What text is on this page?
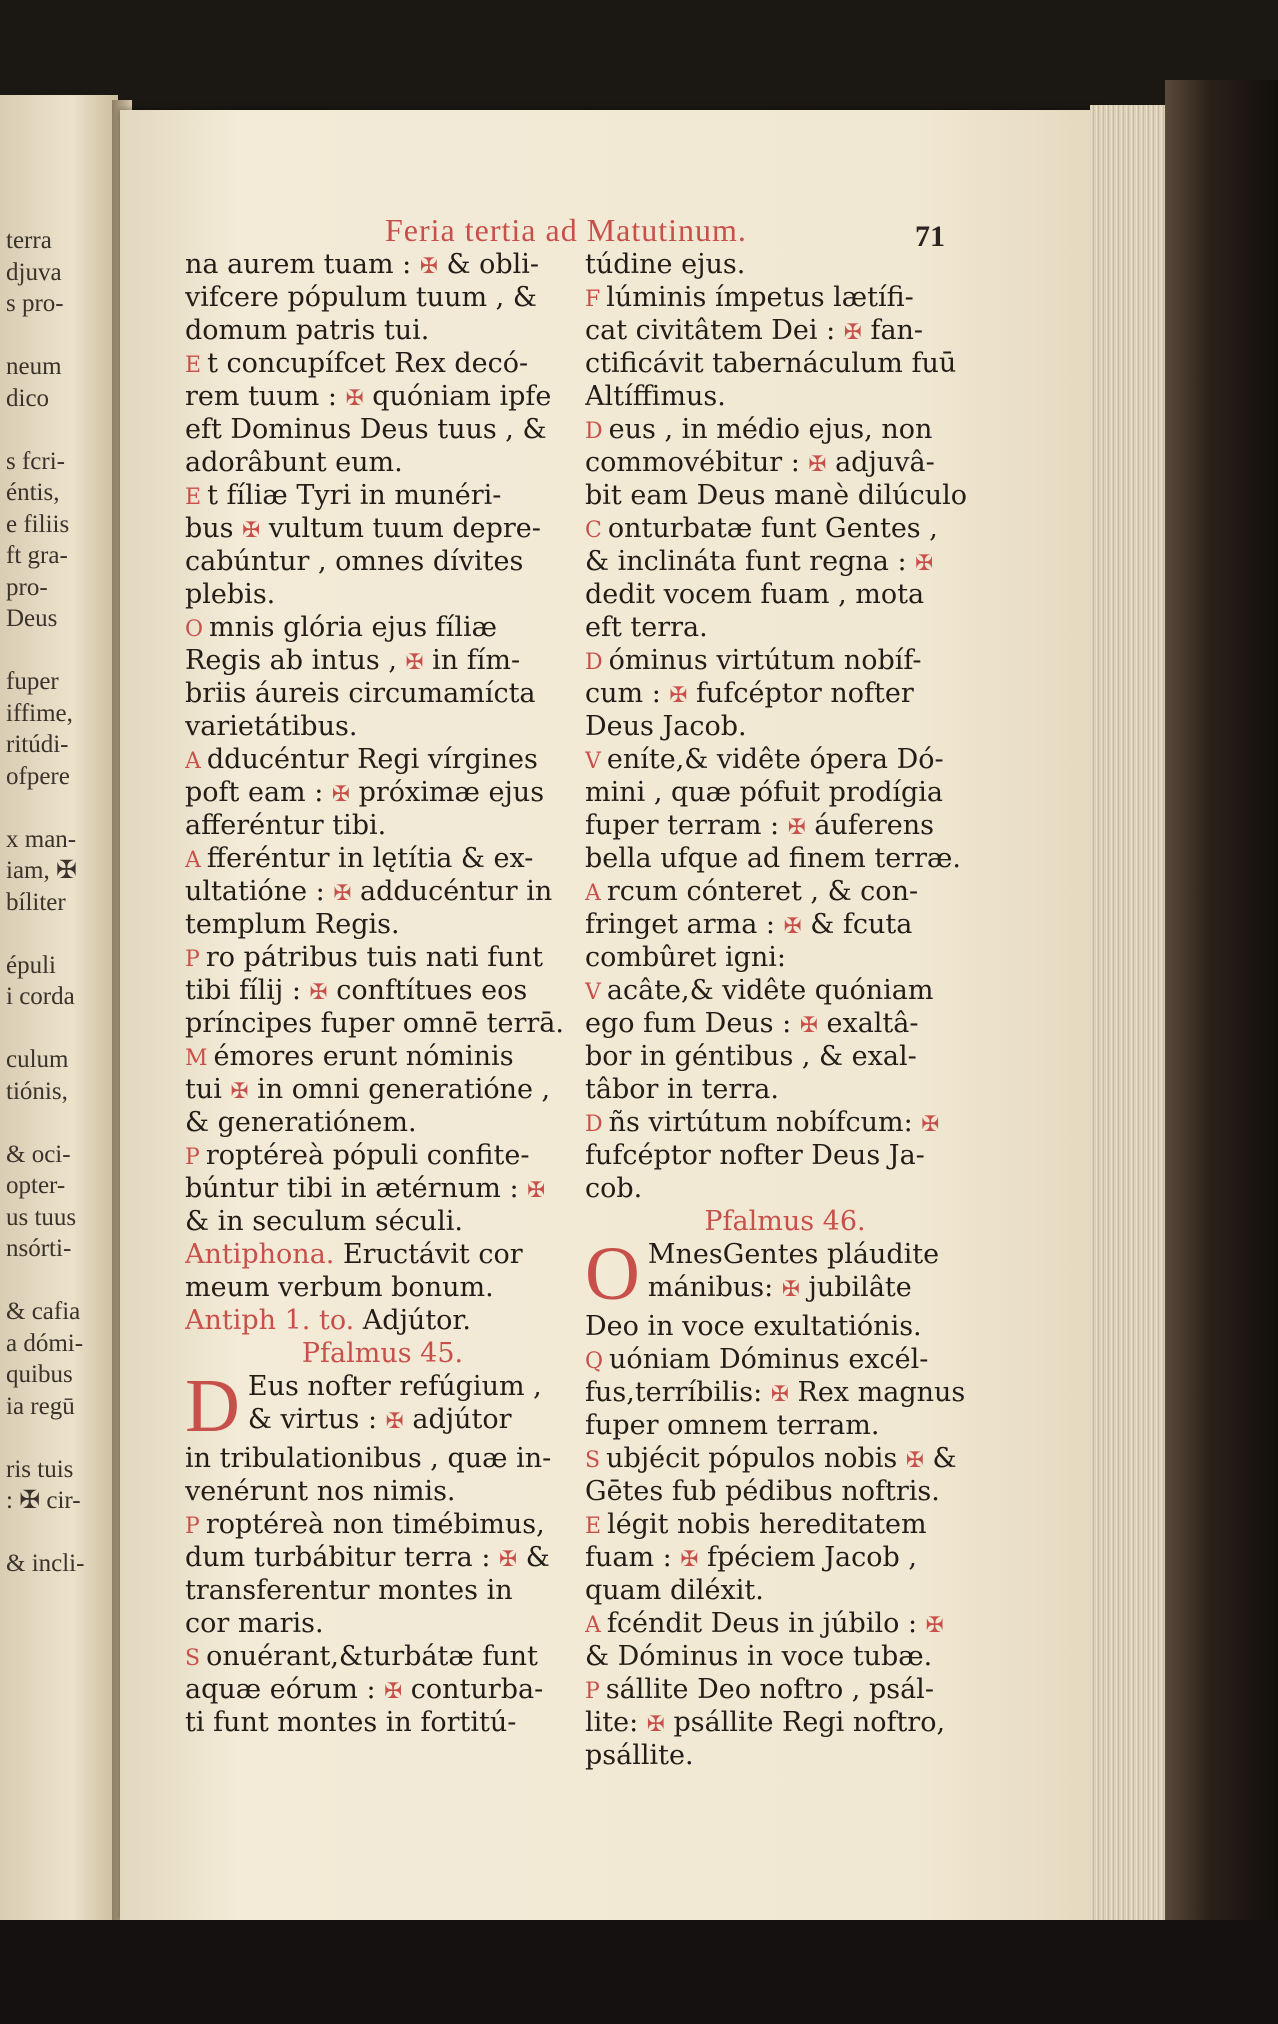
terra
djuva
s pro-
neum
dico
s fcri-
éntis,
e filiis
ft gra-
pro-
Deus
fuper
iffime,
ritúdi-
ofpere
x man-
iam, ✠
bíliter
épuli
i corda
culum
tiónis,
& oci-
opter-
us tuus
nsórti-
& cafia
a dómi-
quibus
ia regū
ris tuis
: ✠ cir-
& incli-
Feria tertia ad Matutinum.	71
na aurem tuam : ✠ & obli-
vifcere pópulum tuum , &
domum patris tui.
E t concupífcet Rex decó-
rem tuum : ✠ quóniam ipfe
eft Dominus Deus tuus , &
adorâbunt eum.
E t fíliæ Tyri in munéri-
bus ✠ vultum tuum depre-
cabúntur , omnes dívites
plebis.
O mnis glória ejus fíliæ
Regis ab intus , ✠ in fím-
briis áureis circumamícta
varietátibus.
A dducéntur Regi vírgines
poft eam : ✠ próximæ ejus
afferéntur tibi.
A fferéntur in lętítia & ex-
ultatióne : ✠ adducéntur in
templum Regis.
P ro pátribus tuis nati funt
tibi fílij : ✠ conftítues eos
príncipes fuper omnē terrā.
M émores erunt nóminis
tui ✠ in omni generatióne ,
& generatiónem.
P roptéreà pópuli confite-
búntur tibi in ætérnum : ✠
& in seculum séculi.
Antiphona. Eructávit cor
meum verbum bonum.
Antiph 1. to. Adjútor.
Pfalmus 45.
D Eus nofter refúgium ,
& virtus : ✠ adjútor
in tribulationibus , quæ in-
venérunt nos nimis.
P roptéreà non timébimus,
dum turbábitur terra : ✠ &
transferentur montes in
cor maris.
S onuérant,&turbátæ funt
aquæ eórum : ✠ conturba-
ti funt montes in fortitú-
túdine ejus.
F lúminis ímpetus lætífi-
cat civitâtem Dei : ✠ fan-
ctificávit tabernáculum fuū
Altíffimus.
D eus , in médio ejus, non
commovébitur : ✠ adjuvâ-
bit eam Deus manè dilúculo
C onturbatæ funt Gentes ,
& inclináta funt regna : ✠
dedit vocem fuam , mota
eft terra.
D óminus virtútum nobíf-
cum : ✠ fufcéptor nofter
Deus Jacob.
V eníte,& vidête ópera Dó-
mini , quæ pófuit prodígia
fuper terram : ✠ áuferens
bella ufque ad finem terræ.
A rcum cónteret , & con-
fringet arma : ✠ & fcuta
combûret igni:
V acâte,& vidête quóniam
ego fum Deus : ✠ exaltâ-
bor in géntibus , & exal-
tâbor in terra.
D ñs virtútum nobífcum: ✠
fufcéptor nofter Deus Ja-
cob.
Pfalmus 46.
O MnesGentes pláudite
mánibus: ✠ jubilâte
Deo in voce exultatiónis.
Q uóniam Dóminus excél-
fus,terríbilis: ✠ Rex magnus
fuper omnem terram.
S ubjécit pópulos nobis ✠ &
Gētes fub pédibus noftris.
E légit nobis hereditatem
fuam : ✠ fpéciem Jacob ,
quam diléxit.
A fcéndit Deus in júbilo : ✠
& Dóminus in voce tubæ.
P sállite Deo noftro , psál-
lite: ✠ psállite Regi noftro,
psállite.
